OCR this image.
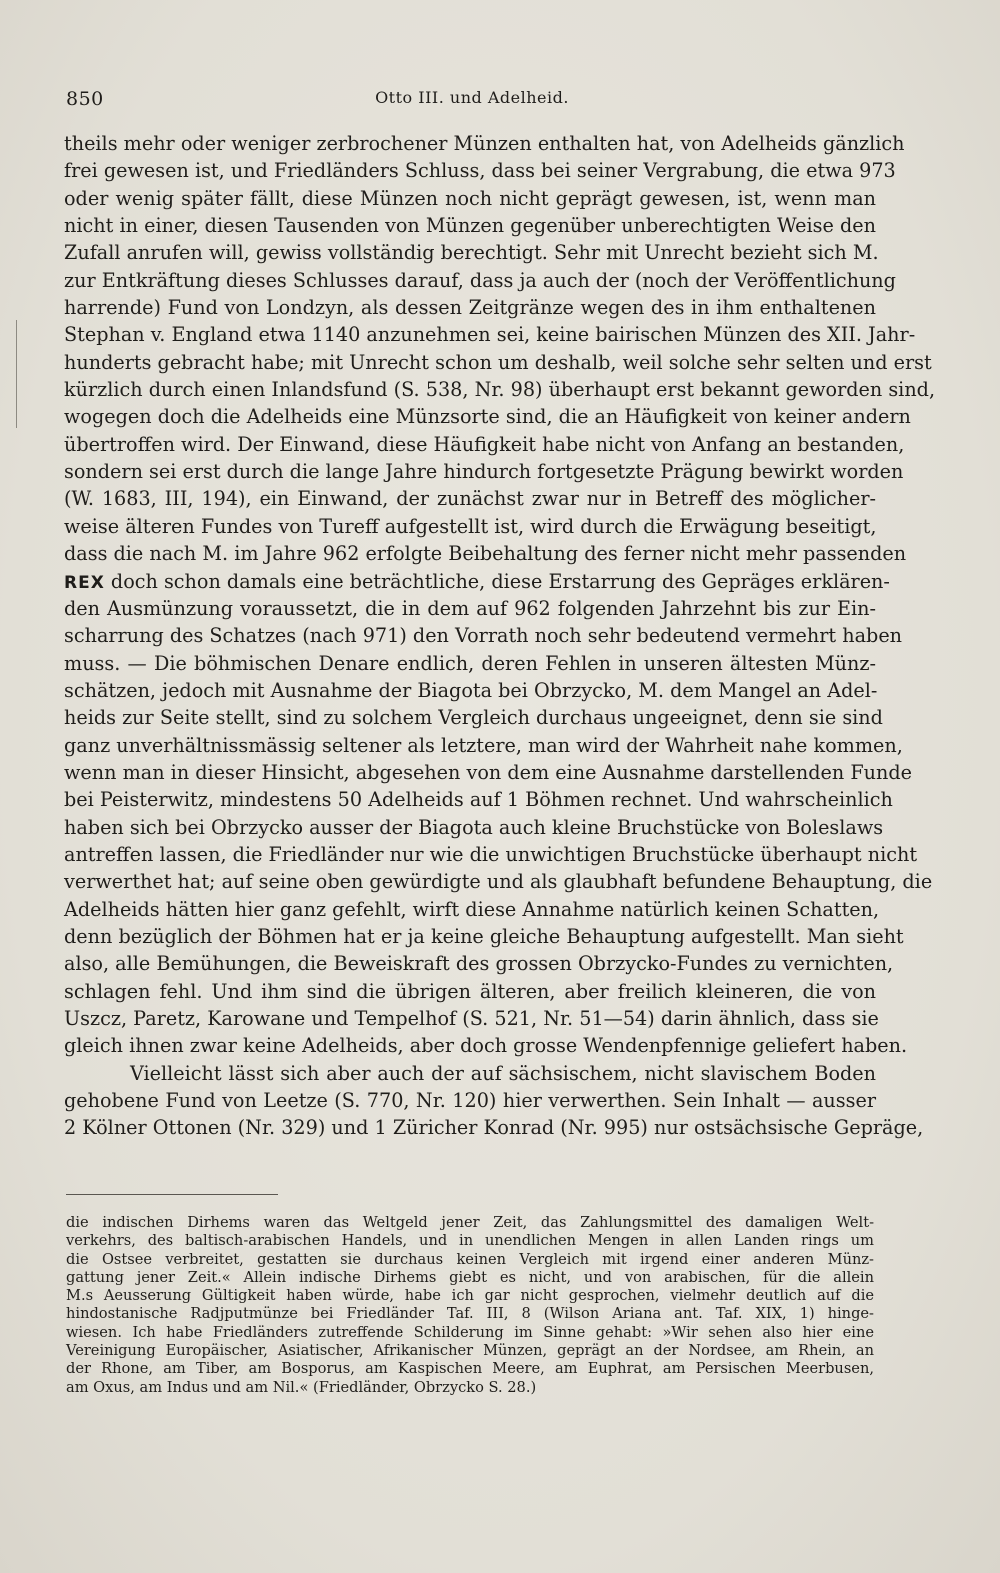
850	Otto III. und Adelheid.
theils mehr oder weniger zerbrochener Münzen enthalten hat, von Adelheids gänzlich
frei gewesen ist, und Friedländers Schluss, dass bei seiner Vergrabung, die etwa 973
oder wenig später fällt, diese Münzen noch nicht geprägt gewesen, ist, wenn man
nicht in einer, diesen Tausenden von Münzen gegenüber unberechtigten Weise den
Zufall anrufen will, gewiss vollständig berechtigt. Sehr mit Unrecht bezieht sich M.
zur Entkräftung dieses Schlusses darauf, dass ja auch der (noch der Veröffentlichung
harrende) Fund von Londzyn, als dessen Zeitgränze wegen des in ihm enthaltenen
Stephan v. England etwa 1140 anzunehmen sei, keine bairischen Münzen des XII. Jahr-
hunderts gebracht habe; mit Unrecht schon um deshalb, weil solche sehr selten und erst
kürzlich durch einen Inlandsfund (S. 538, Nr. 98) überhaupt erst bekannt geworden sind,
wogegen doch die Adelheids eine Münzsorte sind, die an Häufigkeit von keiner andern
übertroffen wird. Der Einwand, diese Häufigkeit habe nicht von Anfang an bestanden,
sondern sei erst durch die lange Jahre hindurch fortgesetzte Prägung bewirkt worden
(W. 1683, III, 194), ein Einwand, der zunächst zwar nur in Betreff des möglicher-
weise älteren Fundes von Tureff aufgestellt ist, wird durch die Erwägung beseitigt,
dass die nach M. im Jahre 962 erfolgte Beibehaltung des ferner nicht mehr passenden
REX doch schon damals eine beträchtliche, diese Erstarrung des Gepräges erklären-
den Ausmünzung voraussetzt, die in dem auf 962 folgenden Jahrzehnt bis zur Ein-
scharrung des Schatzes (nach 971) den Vorrath noch sehr bedeutend vermehrt haben
muss. — Die böhmischen Denare endlich, deren Fehlen in unseren ältesten Münz-
schätzen, jedoch mit Ausnahme der Biagota bei Obrzycko, M. dem Mangel an Adel-
heids zur Seite stellt, sind zu solchem Vergleich durchaus ungeeignet, denn sie sind
ganz unverhältnissmässig seltener als letztere, man wird der Wahrheit nahe kommen,
wenn man in dieser Hinsicht, abgesehen von dem eine Ausnahme darstellenden Funde
bei Peisterwitz, mindestens 50 Adelheids auf 1 Böhmen rechnet. Und wahrscheinlich
haben sich bei Obrzycko ausser der Biagota auch kleine Bruchstücke von Boleslaws
antreffen lassen, die Friedländer nur wie die unwichtigen Bruchstücke überhaupt nicht
verwerthet hat; auf seine oben gewürdigte und als glaubhaft befundene Behauptung, die
Adelheids hätten hier ganz gefehlt, wirft diese Annahme natürlich keinen Schatten,
denn bezüglich der Böhmen hat er ja keine gleiche Behauptung aufgestellt. Man sieht
also, alle Bemühungen, die Beweiskraft des grossen Obrzycko-Fundes zu vernichten,
schlagen fehl. Und ihm sind die übrigen älteren, aber freilich kleineren, die von
Uszcz, Paretz, Karowane und Tempelhof (S. 521, Nr. 51—54) darin ähnlich, dass sie
gleich ihnen zwar keine Adelheids, aber doch grosse Wendenpfennige geliefert haben.
Vielleicht lässt sich aber auch der auf sächsischem, nicht slavischem Boden
gehobene Fund von Leetze (S. 770, Nr. 120) hier verwerthen. Sein Inhalt — ausser
2 Kölner Ottonen (Nr. 329) und 1 Züricher Konrad (Nr. 995) nur ostsächsische Gepräge,
die indischen Dirhems waren das Weltgeld jener Zeit, das Zahlungsmittel des damaligen Welt-
verkehrs, des baltisch-arabischen Handels, und in unendlichen Mengen in allen Landen rings um
die Ostsee verbreitet, gestatten sie durchaus keinen Vergleich mit irgend einer anderen Münz-
gattung jener Zeit.« Allein indische Dirhems giebt es nicht, und von arabischen, für die allein
M.s Aeusserung Gültigkeit haben würde, habe ich gar nicht gesprochen, vielmehr deutlich auf die
hindostanische Radjputmünze bei Friedländer Taf. III, 8 (Wilson Ariana ant. Taf. XIX, 1) hinge-
wiesen. Ich habe Friedländers zutreffende Schilderung im Sinne gehabt: »Wir sehen also hier eine
Vereinigung Europäischer, Asiatischer, Afrikanischer Münzen, geprägt an der Nordsee, am Rhein, an
der Rhone, am Tiber, am Bosporus, am Kaspischen Meere, am Euphrat, am Persischen Meerbusen,
am Oxus, am Indus und am Nil.« (Friedländer, Obrzycko S. 28.)
